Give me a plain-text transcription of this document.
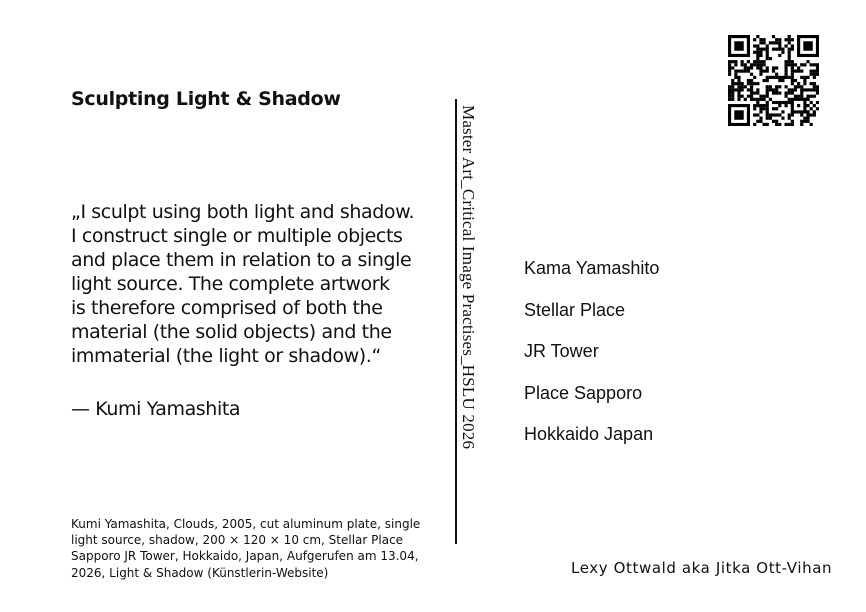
Sculpting Light & Shadow
„I sculpt using both light and shadow.
I construct single or multiple objects
and place them in relation to a single
light source. The complete artwork
is therefore comprised of both the
material (the solid objects) and the
immaterial (the light or shadow).“
— Kumi Yamashita
Kumi Yamashita, Clouds, 2005, cut aluminum plate, single
light source, shadow, 200 × 120 × 10 cm, Stellar Place
Sapporo JR Tower, Hokkaido, Japan, Aufgerufen am 13.04,
2026, Light & Shadow (Künstlerin-Website)
Master Art_Critical Image Practises_HSLU 2026	Kama Yamashito
Stellar Place
JR Tower
Place Sapporo
Hokkaido Japan
Lexy Ottwald aka Jitka Ott-Vihan
